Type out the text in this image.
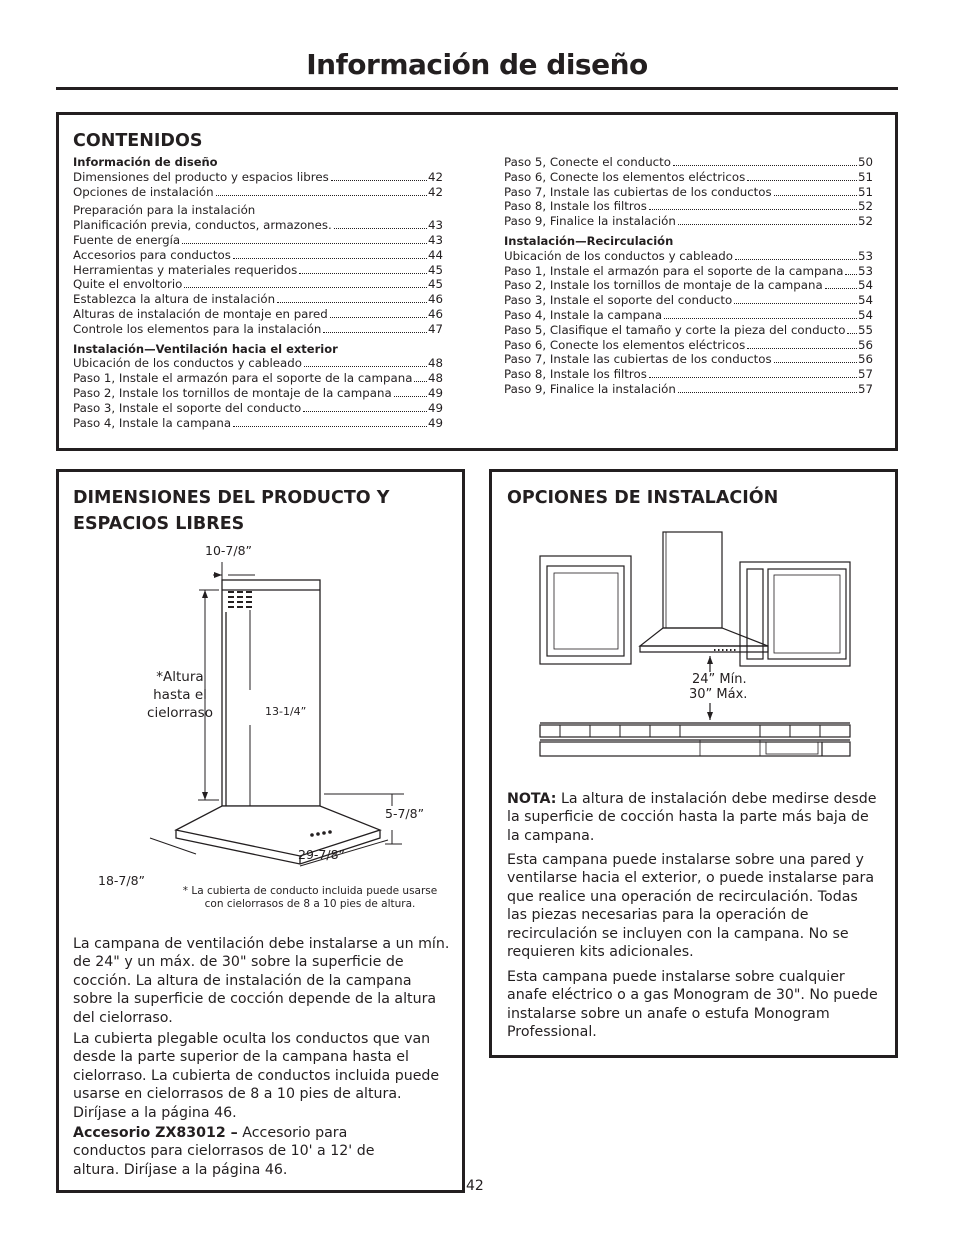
Información de diseño
CONTENIDOS
Información de diseño
Dimensiones del producto y espacios libres	42
Opciones de instalación	42
Preparación para la instalación
Planificación previa, conductos, armazones.	43
Fuente de energía	43
Accesorios para conductos	44
Herramientas y materiales requeridos	45
Quite el envoltorio	45
Establezca la altura de instalación	46
Alturas de instalación de montaje en pared	46
Controle los elementos para la instalación	47
Instalación—Ventilación hacia el exterior
Ubicación de los conductos y cableado	48
Paso 1, Instale el armazón para el soporte de la campana 48
Paso 2, Instale los tornillos de montaje de la campana	49
Paso 3, Instale el soporte del conducto	49
Paso 4, Instale la campana	49
Paso 5, Conecte el conducto	50
Paso 6, Conecte los elementos eléctricos	51
Paso 7, Instale las cubiertas de los conductos	51
Paso 8, Instale los filtros	52
Paso 9, Finalice la instalación	52
Instalación—Recirculación
Ubicación de los conductos y cableado	53
Paso 1, Instale el armazón para el soporte de la campana 53
Paso 2, Instale los tornillos de montaje de la campana	54
Paso 3, Instale el soporte del conducto	54
Paso 4, Instale la campana	54
Paso 5, Clasifique el tamaño y corte la pieza del conducto 55
Paso 6, Conecte los elementos eléctricos	56
Paso 7, Instale las cubiertas de los conductos	56
Paso 8, Instale los filtros	57
Paso 9, Finalice la instalación	57
DIMENSIONES DEL PRODUCTO Y
ESPACIOS LIBRES
10-7/8”
*Altura
hasta el
cielorraso	13-1/4”
5-7/8”
29-7/8”
18-7/8”
* La cubierta de conducto incluida puede usarse
con cielorrasos de 8 a 10 pies de altura.
La campana de ventilación debe instalarse a un mín. de 24" y un máx. de 30" sobre la superficie de cocción. La altura de instalación de la campana sobre la superficie de cocción depende de la altura del cielorraso.
La cubierta plegable oculta los conductos que van desde la parte superior de la campana hasta el cielorraso. La cubierta de conductos incluida puede usarse en cielorrasos de 8 a 10 pies de altura. Diríjase a la página 46.
Accesorio ZX83012 – Accesorio para conductos para cielorrasos de 10' a 12' de altura. Diríjase a la página 46.
OPCIONES DE INSTALACIÓN
24” Mín.
30” Máx.
NOTA: La altura de instalación debe medirse desde la superficie de cocción hasta la parte más baja de la campana.
Esta campana puede instalarse sobre una pared y ventilarse hacia el exterior, o puede instalarse para que realice una operación de recirculación. Todas las piezas necesarias para la operación de recirculación se incluyen con la campana. No se requieren kits adicionales.
Esta campana puede instalarse sobre cualquier anafe eléctrico o a gas Monogram de 30". No puede instalarse sobre un anafe o estufa Monogram Professional.
42
